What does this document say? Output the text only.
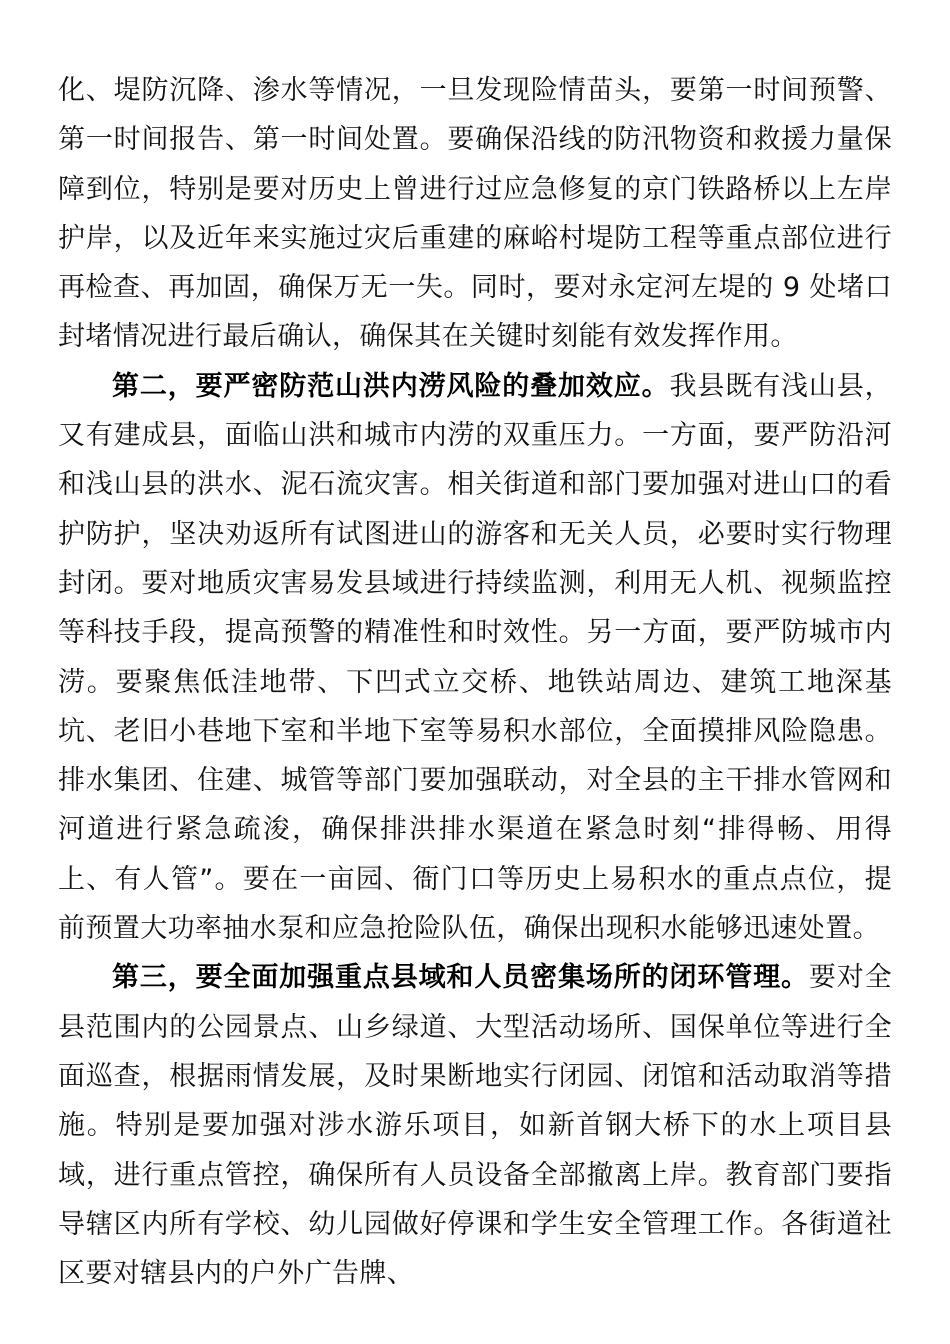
化、堤防沉降、渗水等情况，一旦发现险情苗头，要第一时间预警、第一时间报告、第一时间处置。要确保沿线的防汛物资和救援力量保障到位，特别是要对历史上曾进行过应急修复的京门铁路桥以上左岸护岸，以及近年来实施过灾后重建的麻峪村堤防工程等重点部位进行再检查、再加固，确保万无一失。同时，要对永定河左堤的 9 处堵口封堵情况进行最后确认，确保其在关键时刻能有效发挥作用。

第二，要严密防范山洪内涝风险的叠加效应。我县既有浅山县，又有建成县，面临山洪和城市内涝的双重压力。一方面，要严防沿河和浅山县的洪水、泥石流灾害。相关街道和部门要加强对进山口的看护防护，坚决劝返所有试图进山的游客和无关人员，必要时实行物理封闭。要对地质灾害易发县域进行持续监测，利用无人机、视频监控等科技手段，提高预警的精准性和时效性。另一方面，要严防城市内涝。要聚焦低洼地带、下凹式立交桥、地铁站周边、建筑工地深基坑、老旧小巷地下室和半地下室等易积水部位，全面摸排风险隐患。排水集团、住建、城管等部门要加强联动，对全县的主干排水管网和河道进行紧急疏浚，确保排洪排水渠道在紧急时刻“排得畅、用得上、有人管”。要在一亩园、衙门口等历史上易积水的重点点位，提前预置大功率抽水泵和应急抢险队伍，确保出现积水能够迅速处置。

第三，要全面加强重点县域和人员密集场所的闭环管理。要对全县范围内的公园景点、山乡绿道、大型活动场所、国保单位等进行全面巡查，根据雨情发展，及时果断地实行闭园、闭馆和活动取消等措施。特别是要加强对涉水游乐项目，如新首钢大桥下的水上项目县域，进行重点管控，确保所有人员设备全部撤离上岸。教育部门要指导辖区内所有学校、幼儿园做好停课和学生安全管理工作。各街道社区要对辖县内的户外广告牌、
